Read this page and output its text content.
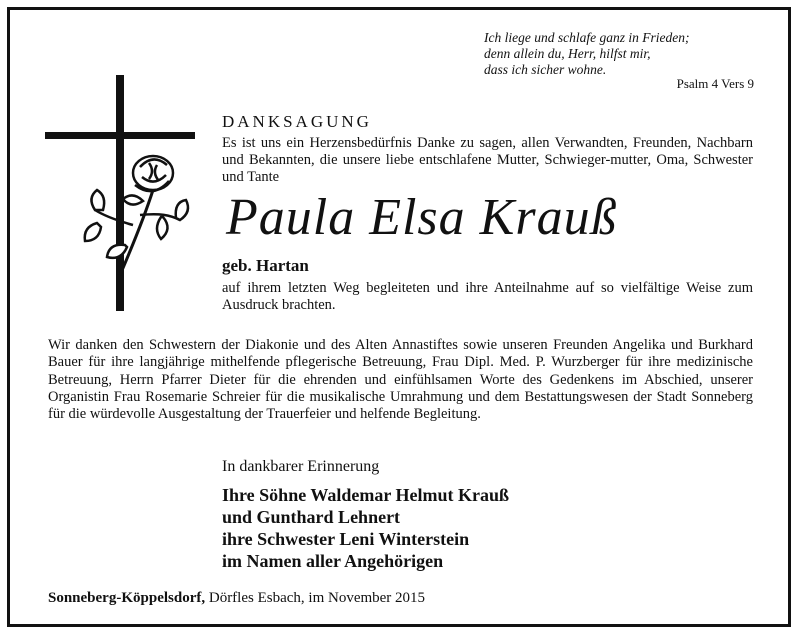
Ich liege und schlafe ganz in Frieden;
denn allein du, Herr, hilfst mir,
dass ich sicher wohne.
Psalm 4 Vers 9
DANKSAGUNG
Es ist uns ein Herzensbedürfnis Danke zu sagen, allen Verwandten, Freunden, Nachbarn und Bekannten, die unsere liebe entschlafene Mutter, Schwieger-mutter, Oma, Schwester und Tante
Paula Elsa Krauß
geb. Hartan
auf ihrem letzten Weg begleiteten und ihre Anteilnahme auf so vielfältige Weise zum Ausdruck brachten.
Wir danken den Schwestern der Diakonie und des Alten Annastiftes sowie unseren Freunden Angelika und Burkhard Bauer für ihre langjährige mithelfende pflegerische Betreuung, Frau Dipl. Med. P. Wurzberger für ihre medizinische Betreuung, Herrn Pfarrer Dieter für die ehrenden und einfühlsamen Worte des Gedenkens im Abschied, unserer Organistin Frau Rosemarie Schreier für die musikalische Umrahmung und dem Bestattungswesen der Stadt Sonneberg für die würdevolle Ausgestaltung der Trauerfeier und helfende Begleitung.
In dankbarer Erinnerung
Ihre Söhne Waldemar Helmut Krauß
und Gunthard Lehnert
ihre Schwester Leni Winterstein
im Namen aller Angehörigen
Sonneberg-Köppelsdorf, Dörfles Esbach, im November 2015
